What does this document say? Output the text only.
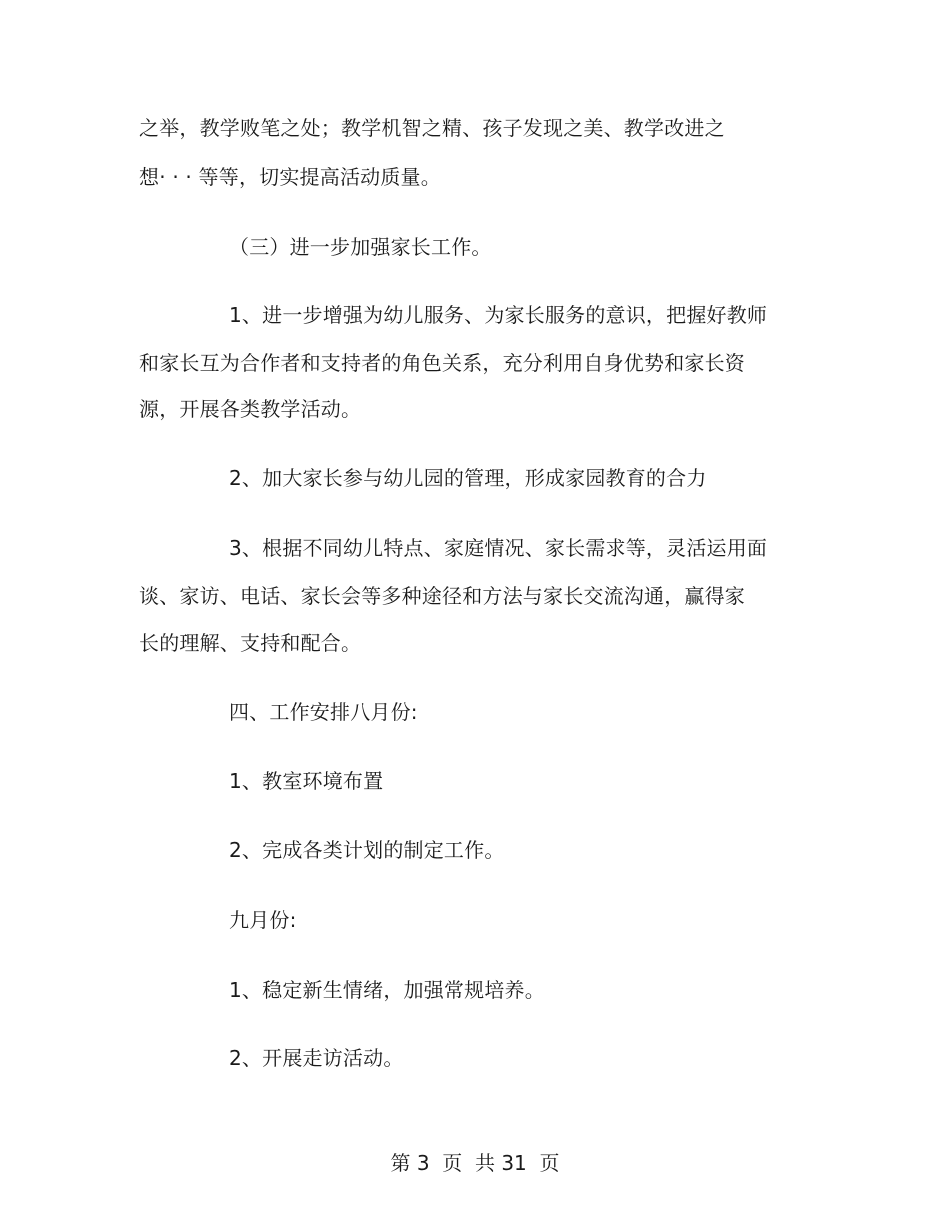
之举，教学败笔之处；教学机智之精、孩子发现之美、教学改进之
想· · · 等等，切实提高活动质量。
（三）进一步加强家长工作。
1、进一步增强为幼儿服务、为家长服务的意识，把握好教师
和家长互为合作者和支持者的角色关系，充分利用自身优势和家长资
源，开展各类教学活动。
2、加大家长参与幼儿园的管理，形成家园教育的合力
3、根据不同幼儿特点、家庭情况、家长需求等，灵活运用面
谈、家访、电话、家长会等多种途径和方法与家长交流沟通，赢得家
长的理解、支持和配合。
四、工作安排八月份:
1、教室环境布置
2、完成各类计划的制定工作。
九月份:
1、稳定新生情绪，加强常规培养。
2、开展走访活动。
第 3  页  共 31  页
